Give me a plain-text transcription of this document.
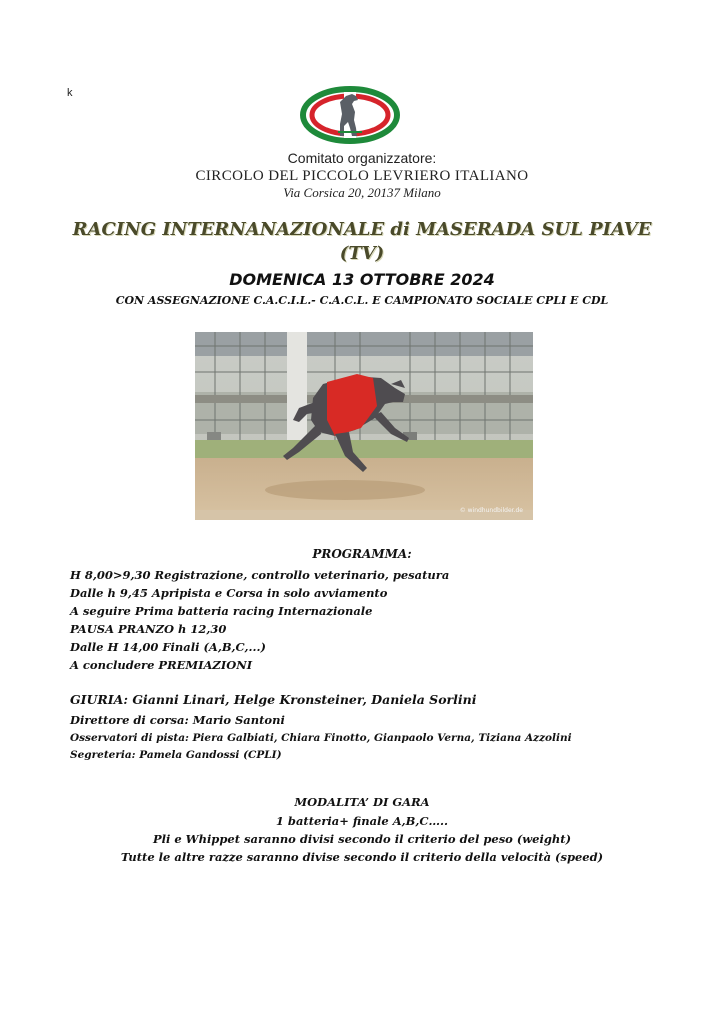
k
Comitato organizzatore:
CIRCOLO DEL PICCOLO LEVRIERO ITALIANO
Via Corsica 20, 20137 Milano
RACING INTERNANAZIONALE di MASERADA SUL PIAVE
(TV)
DOMENICA 13 OTTOBRE 2024
CON ASSEGNAZIONE C.A.C.I.L.- C.A.C.L. E CAMPIONATO SOCIALE CPLI E CDL
© windhundbilder.de
PROGRAMMA:
H 8,00>9,30 Registrazione, controllo veterinario, pesatura
Dalle h 9,45 Apripista e Corsa in solo avviamento
A seguire Prima batteria racing Internazionale
PAUSA PRANZO h 12,30
Dalle H 14,00 Finali (A,B,C,...)
A concludere PREMIAZIONI
GIURIA: Gianni Linari, Helge Kronsteiner, Daniela Sorlini
Direttore di corsa: Mario Santoni
Osservatori di pista: Piera Galbiati, Chiara Finotto, Gianpaolo Verna, Tiziana Azzolini
Segreteria: Pamela Gandossi (CPLI)
MODALITA’ DI GARA
1 batteria+ finale A,B,C…..
Pli e Whippet saranno divisi secondo il criterio del peso (weight)
Tutte le altre razze saranno divise secondo il criterio della velocità (speed)
